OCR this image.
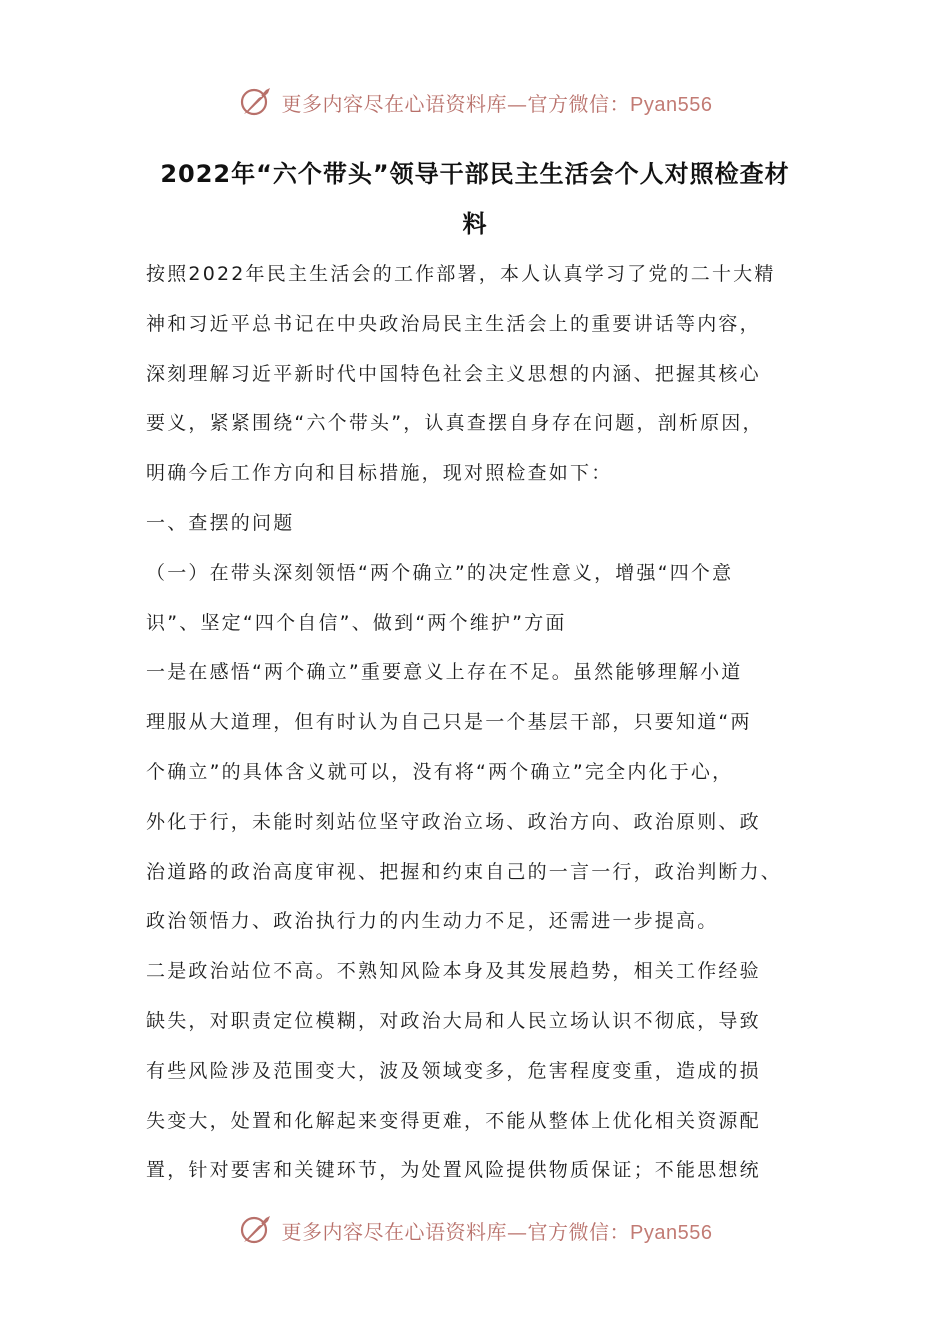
更多内容尽在心语资料库—官方微信：Pyan556
2022年“六个带头”领导干部民主生活会个人对照检查材
料
按照2022年民主生活会的工作部署，本人认真学习了党的二十大精
神和习近平总书记在中央政治局民主生活会上的重要讲话等内容，
深刻理解习近平新时代中国特色社会主义思想的内涵、把握其核心
要义，紧紧围绕“六个带头”，认真查摆自身存在问题，剖析原因，
明确今后工作方向和目标措施，现对照检查如下：
一、查摆的问题
（一）在带头深刻领悟“两个确立”的决定性意义，增强“四个意
识”、坚定“四个自信”、做到“两个维护”方面
一是在感悟“两个确立”重要意义上存在不足。虽然能够理解小道
理服从大道理，但有时认为自己只是一个基层干部，只要知道“两
个确立”的具体含义就可以，没有将“两个确立”完全内化于心，
外化于行，未能时刻站位坚守政治立场、政治方向、政治原则、政
治道路的政治高度审视、把握和约束自己的一言一行，政治判断力、
政治领悟力、政治执行力的内生动力不足，还需进一步提高。
二是政治站位不高。不熟知风险本身及其发展趋势，相关工作经验
缺失，对职责定位模糊，对政治大局和人民立场认识不彻底，导致
有些风险涉及范围变大，波及领域变多，危害程度变重，造成的损
失变大，处置和化解起来变得更难，不能从整体上优化相关资源配
置，针对要害和关键环节，为处置风险提供物质保证；不能思想统
更多内容尽在心语资料库—官方微信：Pyan556
